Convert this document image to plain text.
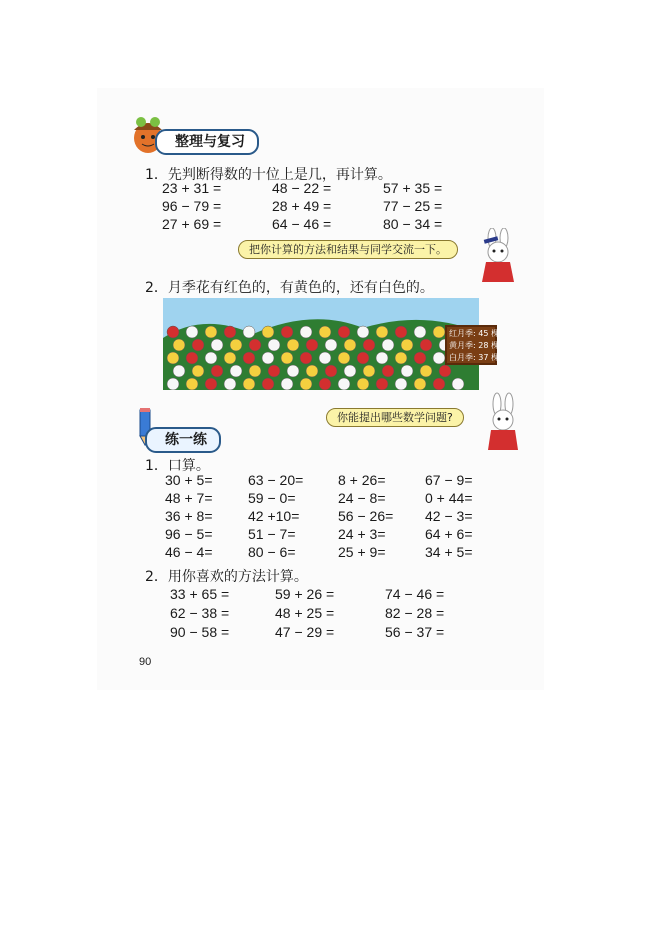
整理与复习
1．先判断得数的十位上是几，再计算。
23 + 31 =	48 − 22 =	57 + 35 =
96 − 79 =	28 + 49 =	77 − 25 =
27 + 69 =	64 − 46 =	80 − 34 =
把你计算的方法和结果与同学交流一下。
2．月季花有红色的，有黄色的，还有白色的。
红月季: 45 棵
黄月季: 28 棵
白月季: 37 棵
你能提出哪些数学问题?
练一练
1．口算。
30 + 5=	63 − 20= 8 + 26=	67 − 9=
48 + 7=	59 − 0=	24 − 8=	0 + 44=
36 + 8=	42 +10=	56 − 26= 42 − 3=
96 − 5=	51 − 7=	24 + 3=	64 + 6=
46 − 4=	80 − 6=	25 + 9=	34 + 5=
2．用你喜欢的方法计算。
33 + 65 =	59 + 26 =	74 − 46 =
62 − 38 =	48 + 25 =	82 − 28 =
90 − 58 =	47 − 29 =	56 − 37 =
90
